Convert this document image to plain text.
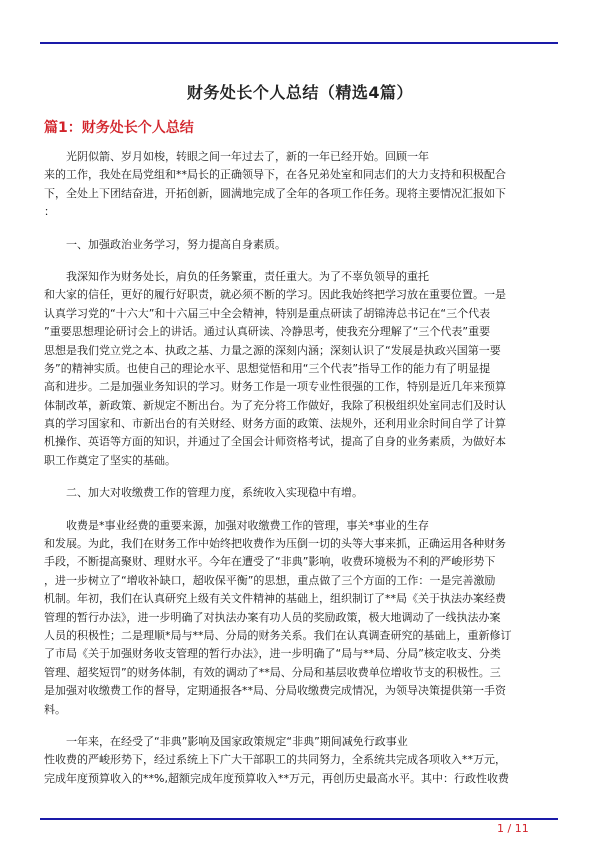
财务处长个人总结（精选4篇）
篇1：财务处长个人总结
　　光阴似箭、岁月如梭，转眼之间一年过去了，新的一年已经开始。回顾一年
来的工作，我处在局党组和**局长的正确领导下，在各兄弟处室和同志们的大力支持和积极配合
下，全处上下团结奋进，开拓创新，圆满地完成了全年的各项工作任务。现将主要情况汇报如下
：
　　一、加强政治业务学习，努力提高自身素质。
　　我深知作为财务处长，肩负的任务繁重，责任重大。为了不辜负领导的重托
和大家的信任，更好的履行好职责，就必须不断的学习。因此我始终把学习放在重要位置。一是
认真学习党的“十六大”和十六届三中全会精神，特别是重点研读了胡锦涛总书记在“三个代表
”重要思想理论研讨会上的讲话。通过认真研读、冷静思考，使我充分理解了“三个代表”重要
思想是我们党立党之本、执政之基、力量之源的深刻内涵；深刻认识了“发展是执政兴国第一要
务”的精神实质。也使自己的理论水平、思想觉悟和用“三个代表”指导工作的能力有了明显提
高和进步。二是加强业务知识的学习。财务工作是一项专业性很强的工作，特别是近几年来预算
体制改革，新政策、新规定不断出台。为了充分将工作做好，我除了积极组织处室同志们及时认
真的学习国家和、市新出台的有关财经、财务方面的政策、法规外，还利用业余时间自学了计算
机操作、英语等方面的知识，并通过了全国会计师资格考试，提高了自身的业务素质，为做好本
职工作奠定了坚实的基础。
　　二、加大对收缴费工作的管理力度，系统收入实现稳中有增。
　　收费是*事业经费的重要来源，加强对收缴费工作的管理，事关*事业的生存
和发展。为此，我们在财务工作中始终把收费作为压倒一切的头等大事来抓，正确运用各种财务
手段，不断提高聚财、理财水平。今年在遭受了“非典”影响，收费环境极为不利的严峻形势下
，进一步树立了“增收补缺口，超收保平衡”的思想，重点做了三个方面的工作：一是完善激励
机制。年初，我们在认真研究上级有关文件精神的基础上，组织制订了**局《关于执法办案经费
管理的暂行办法》，进一步明确了对执法办案有功人员的奖励政策，极大地调动了一线执法办案
人员的积极性；二是理顺*局与**局、分局的财务关系。我们在认真调查研究的基础上，重新修订
了市局《关于加强财务收支管理的暂行办法》，进一步明确了“局与**局、分局”核定收支、分类
管理、超奖短罚”的财务体制，有效的调动了**局、分局和基层收费单位增收节支的积极性。三
是加强对收缴费工作的督导，定期通报各**局、分局收缴费完成情况，为领导决策提供第一手资
料。
　　一年来，在经受了“非典”影响及国家政策规定“非典”期间减免行政事业
性收费的严峻形势下，经过系统上下广大干部职工的共同努力，全系统共完成各项收入**万元，
完成年度预算收入的**%,超额完成年度预算收入**万元，再创历史最高水平。其中：行政性收费
1 / 11
